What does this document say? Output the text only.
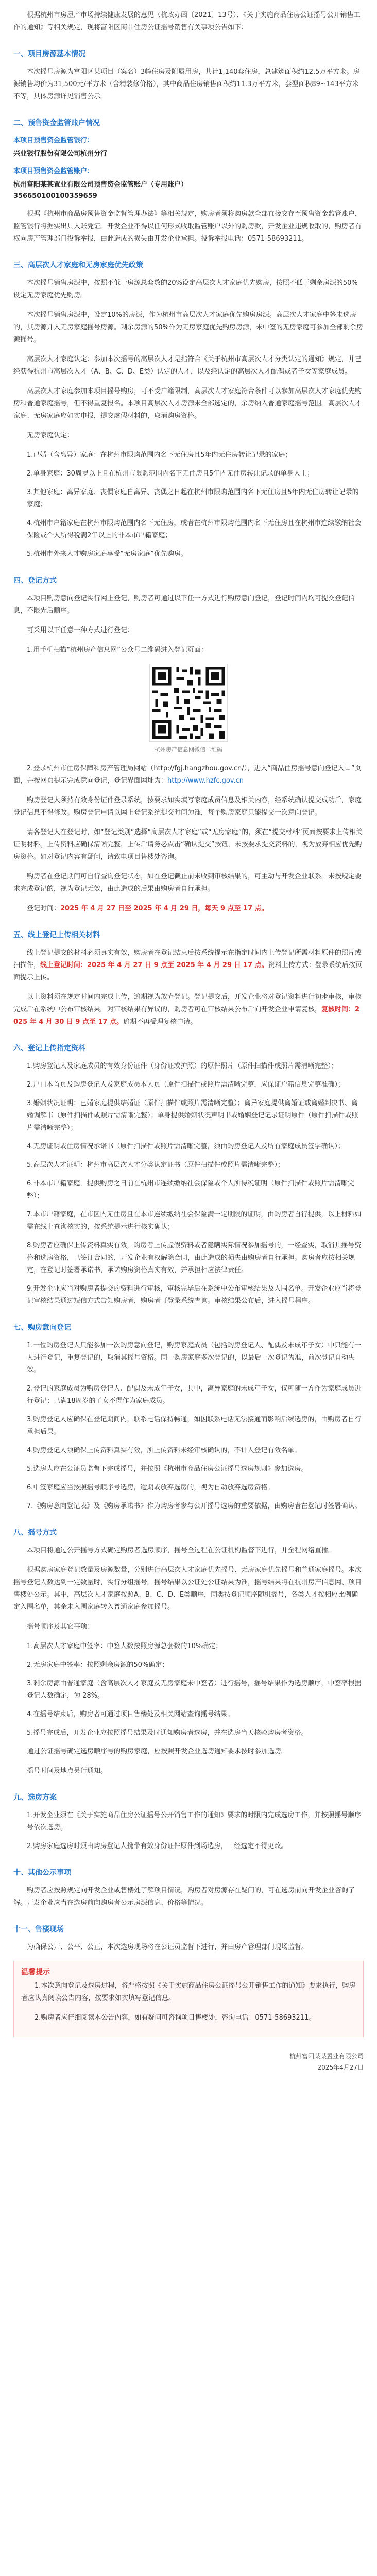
根据杭州市房屋产市场持续健康发展的意见（杭政办函〔2021〕13号）、《关于实施商品住房公证摇号公开销售工作的通知》等相关规定，现将富阳区商品住房公证摇号销售有关事项公告如下：

一、项目房源基本情况

本次摇号房源为富阳区某项目（案名）3幢住房及附属用房，共计1,140套住房，总建筑面积约12.5万平方米。房源销售均价为31,500元/平方米（含精装修价格），其中商品住房销售面积约11.3万平方米，套型面积89~143平方米不等，具体房源详见销售公示。

二、预售资金监管账户情况
本项目预售资金监管银行：
兴业银行股份有限公司杭州分行
本项目预售资金监管账户：
杭州富阳某某置业有限公司预售资金监管账户（专用账户）
356650100100359659

根据《杭州市商品房预售资金监督管理办法》等相关规定，购房者须将购房款全部直接交存至预售资金监管账户，监管银行将据实出具入账凭证。开发企业不得以任何形式收取监管账户以外的购房款，开发企业违规收取的，购房者有权向房产管理部门投诉举报，由此造成的损失由开发企业承担。投诉举报电话：0571-58693211。

三、高层次人才家庭和无房家庭优先政策

本次摇号销售房源中，按照不低于房源总套数的20%设定高层次人才家庭优先购房，按照不低于剩余房源的50%设定无房家庭优先购房。

本次摇号销售房源中，设定10%的房源，作为杭州市高层次人才家庭优先购房房源。高层次人才家庭中签未选房的，其房源并入无房家庭摇号房源。剩余房源的50%作为无房家庭优先购房房源，未中签的无房家庭可参加全部剩余房源摇号。

高层次人才家庭认定：参加本次摇号的高层次人才是指符合《关于杭州市高层次人才分类认定的通知》规定，并已经获得杭州市高层次人才（A、B、C、D、E类）认定的人才，以及经认定的高层次人才配偶或者子女等家庭成员。

高层次人才家庭参加本项目摇号购房，可不受户籍限制，高层次人才家庭符合条件可以参加高层次人才家庭优先购房和普通家庭摇号，但不得重复报名。本项目高层次人才房源未全部选定的，余房纳入普通家庭摇号范围。高层次人才家庭、无房家庭应如实申报，提交虚假材料的，取消购房资格。

无房家庭认定：

1.已婚（含离异）家庭：在杭州市限购范围内名下无住房且5年内无住房转让记录的家庭；
2.单身家庭：30周岁以上且在杭州市限购范围内名下无住房且5年内无住房转让记录的单身人士；
3.其他家庭：离异家庭、丧偶家庭自离异、丧偶之日起在杭州市限购范围内名下无住房且5年内无住房转让记录的家庭；
4.杭州市户籍家庭在杭州市限购范围内名下无住房，或者在杭州市限购范围内名下无住房且在杭州市连续缴纳社会保险或个人所得税满2年以上的非本市户籍家庭；
5.杭州市外来人才购房家庭享受“无房家庭”优先购房。
四、登记方式

本项目购房意向登记实行网上登记，购房者可通过以下任一方式进行购房意向登记，登记时间内均可提交登记信息，不限先后顺序。

可采用以下任意一种方式进行登记：

1.用手机扫描“杭州房产信息网”公众号二维码进入登记页面：

杭州房产信息网微信二维码

2.登录杭州市住房保障和房产管理局网站（http://fgj.hangzhou.gov.cn/），进入“商品住房摇号意向登记入口”页面，并按网页提示完成意向登记，登记界面网址为：http://www.hzfc.gov.cn

购房登记人须持有效身份证件登录系统，按要求如实填写家庭成员信息及相关内容，经系统确认提交成功后，家庭登记信息不得修改。购房登记申请以网上登记系统提交时间为准，每个购房家庭只能提交一次意向登记。

请各登记人在登记时，如“登记类别”选择“高层次人才家庭”或“无房家庭”的，须在“提交材料”页面按要求上传相关证明材料。上传资料应确保清晰完整，上传后请务必点击“确认提交”按钮，未按要求提交资料的，视为放弃相应优先购房资格。如对登记内容有疑问，请致电项目售楼处咨询。

购房者在登记期间可自行查询登记状态，如在登记截止前未收到审核结果的，可主动与开发企业联系。未按规定要求完成登记的，视为登记无效，由此造成的后果由购房者自行承担。

登记时间：2025 年 4 月 27 日至 2025 年 4 月 29 日，每天 9 点至 17 点。

五、线上登记上传相关材料

线上登记提交的材料必须真实有效，购房者在登记结束后按系统提示在指定时间内上传登记所需材料原件的照片或扫描件，线上登记时间：2025 年 4 月 27 日 9 点至 2025 年 4 月 29 日 17 点。资料上传方式：登录系统后按页面提示上传。

以上资料须在规定时间内完成上传，逾期视为放弃登记。登记提交后，开发企业将对登记资料进行初步审核，审核完成后在系统中公布审核结果。对审核结果有异议的，购房者可在审核结果公布后向开发企业申请复核，复核时间：2025 年 4 月 30 日 9 点至 17 点。逾期不再受理复核申请。

六、登记上传指定资料
1.购房登记人及家庭成员的有效身份证件（身份证或护照）的原件照片（原件扫描件或照片需清晰完整）；
2.户口本首页及购房登记人及家庭成员本人页（原件扫描件或照片需清晰完整，应保证户籍信息完整准确）；
3.婚姻状况证明：已婚家庭提供结婚证（原件扫描件或照片需清晰完整）；离异家庭提供离婚证或离婚判决书、离婚调解书（原件扫描件或照片需清晰完整）；单身提供婚姻状况声明书或婚姻登记记录证明原件（原件扫描件或照片需清晰完整）；
4.无房证明或住房情况承诺书（原件扫描件或照片需清晰完整，须由购房登记人及所有家庭成员签字确认）；
5.高层次人才证明：杭州市高层次人才分类认定证书（原件扫描件或照片需清晰完整）；
6.非本市户籍家庭，提供购房之日前在杭州市连续缴纳社会保险或个人所得税证明（原件扫描件或照片需清晰完整）；
7.本市户籍家庭，在市区内无住房且在本市连续缴纳社会保险满一定期限的证明，由购房者自行提供，以上材料如需在线上查询核实的，按系统提示进行核实确认；
8.购房者应确保上传资料真实有效，购房者上传虚假资料或者隐瞒实际情况参加摇号的，一经查实，取消其摇号资格和选房资格，已签订合同的，开发企业有权解除合同，由此造成的损失由购房者自行承担。购房者应按相关规定，在登记时签署承诺书，承诺购房资格真实有效，并承担相应法律责任。
9.开发企业应当对购房者提交的资料进行审核，审核完毕后在系统中公布审核结果及入围名单。开发企业应当将登记审核结果通过短信方式告知购房者，购房者可登录系统查询。审核结果公布后，进入摇号程序。
七、购房意向登记
1.一位购房登记人只能参加一次购房意向登记，购房家庭成员（包括购房登记人、配偶及未成年子女）中只能有一人进行登记，重复登记的，取消其摇号资格。同一购房家庭多次登记的，以最后一次登记为准，前次登记自动失效。
2.登记的家庭成员为购房登记人、配偶及未成年子女，其中，离异家庭的未成年子女，仅可随一方作为家庭成员进行登记；已满18周岁的子女不得作为家庭成员。
3.购房登记人应确保在登记期间内，联系电话保持畅通，如因联系电话无法接通而影响后续选房的，由购房者自行承担后果。
4.购房登记人须确保上传资料真实有效，所上传资料未经审核确认的，不计入登记有效名单。
5.选房人应在公证员监督下完成摇号，并按照《杭州市商品住房公证摇号选房规则》参加选房。
6.中签家庭应当按照摇号顺序号选房，逾期或放弃选房的，视为自动放弃选房资格。
7.《购房意向登记表》及《购房承诺书》作为购房者参与公开摇号选房的重要依据，由购房者在登记时签署确认。
八、摇号方式

本项目将通过公开摇号方式确定购房者选房顺序，摇号全过程在公证机构监督下进行，并全程网络直播。

根据购房家庭登记数量及房源数量，分别进行高层次人才家庭优先摇号、无房家庭优先摇号和普通家庭摇号。本次摇号登记人数达到一定数量时，实行分组摇号。摇号结果以公证处公证结果为准，摇号结果将在杭州房产信息网、项目售楼处公示。其中，高层次人才家庭按照A、B、C、D、E类顺序，同类按登记顺序随机摇号，各类人才按相应比例确定入围名单，其余未入围家庭转入普通家庭参加摇号。

摇号顺序及其它事项：

1.高层次人才家庭中签率：中签人数按照房源总套数的10%确定；
2.无房家庭中签率：按照剩余房源的50%确定；
3.剩余房源由普通家庭（含高层次人才家庭及无房家庭未中签者）进行摇号，摇号结果作为选房顺序，中签率根据登记人数确定，为 28%。
4.在摇号结束后，购房者可通过项目售楼处及相关网站查询摇号结果。
5.摇号完成后，开发企业应按照摇号结果及时通知购房者选房，并在选房当天核验购房者资格。

通过公证摇号确定选房顺序号的购房家庭，应按照开发企业选房通知要求按时参加选房。

摇号时间及地点另行通知。

九、选房方案
1.开发企业须在《关于实施商品住房公证摇号公开销售工作的通知》要求的时限内完成选房工作，并按照摇号顺序号依次选房。
2.购房家庭选房时须由购房登记人携带有效身份证件原件到场选房，一经选定不得更改。
十、其他公示事项

购房者应按照规定向开发企业或售楼处了解项目情况，购房者对房源存在疑问的，可在选房前向开发企业咨询了解。开发企业应当在选房前向购房者公示房源信息、价格等情况。

十一、售楼现场

为确保公开、公平、公正，本次选房现场将在公证员监督下进行，并由房产管理部门现场监督。

温馨提示

1.本次意向登记及选房过程，将严格按照《关于实施商品住房公证摇号公开销售工作的通知》要求执行，购房者应认真阅读公告内容，按要求如实填写登记信息。

2.购房者应仔细阅读本公告内容，如有疑问可咨询项目售楼处，咨询电话：0571-58693211。

杭州富阳某某置业有限公司
2025年4月27日
